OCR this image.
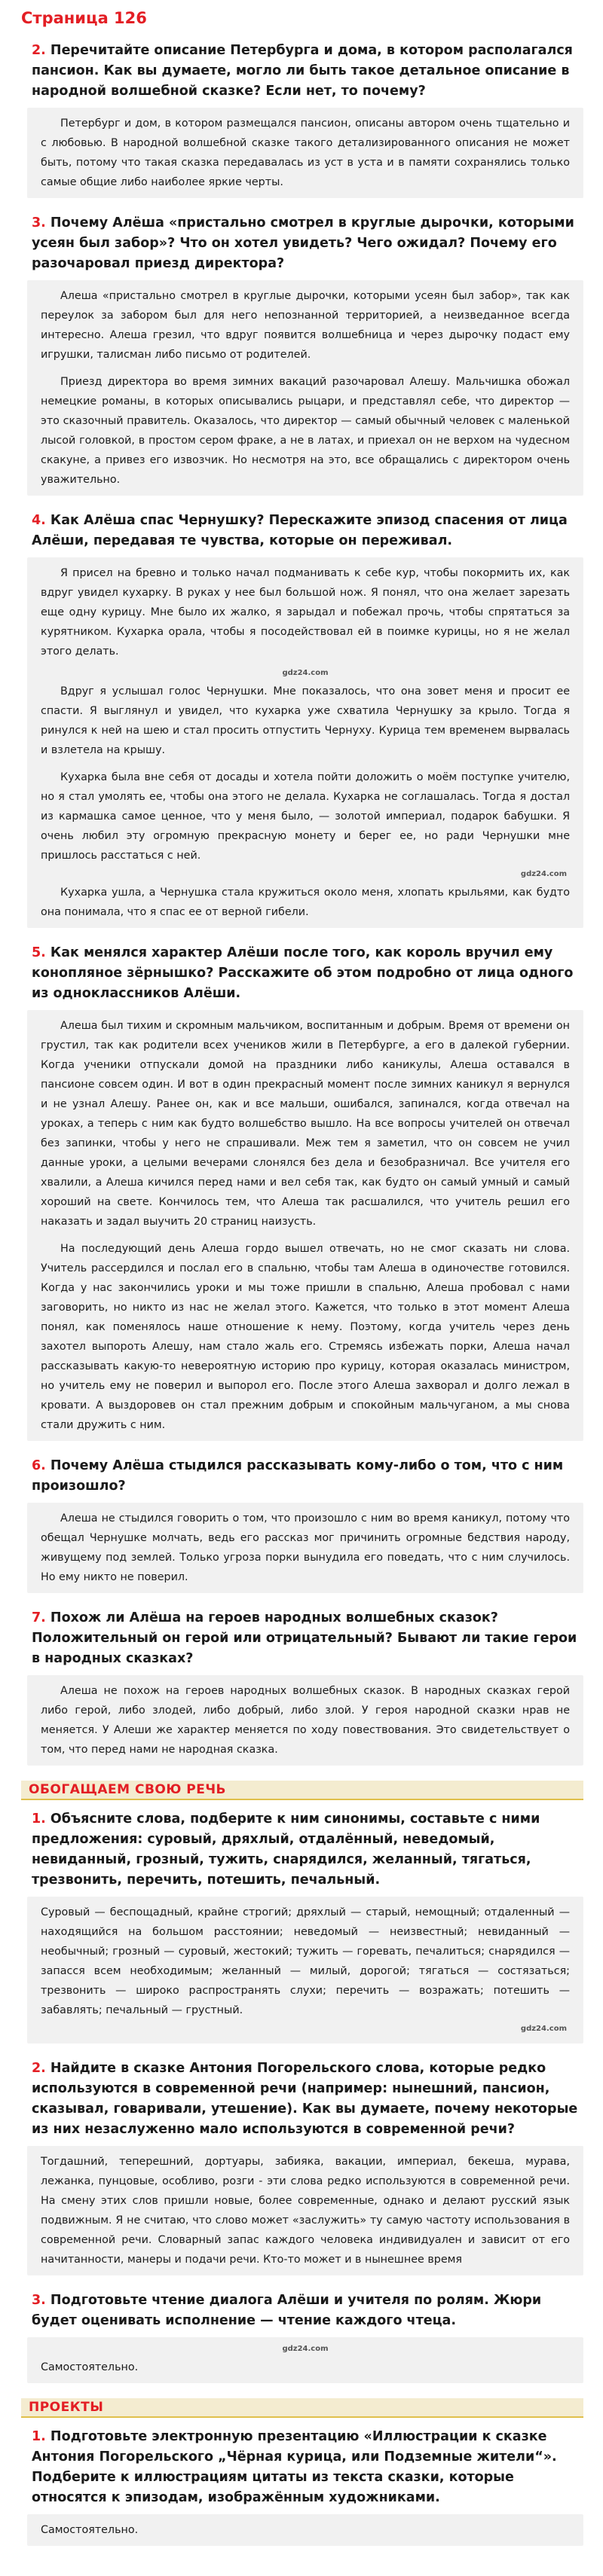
Страница 126
2. Перечитайте описание Петербурга и дома, в котором располагался пансион. Как вы думаете, могло ли быть такое детальное описание в народной волшебной сказке? Если нет, то почему?

Петербург и дом, в котором размещался пансион, описаны автором очень тщательно и с любовью. В народной волшебной сказке такого детализированного описания не может быть, потому что такая сказка передавалась из уст в уста и в памяти сохранялись только самые общие либо наиболее яркие черты.

3. Почему Алёша «пристально смотрел в круглые дырочки, которыми усеян был забор»? Что он хотел увидеть? Чего ожидал? Почему его разочаровал приезд директора?

Алеша «пристально смотрел в круглые дырочки, которыми усеян был забор», так как переулок за забором был для него непознанной территорией, а неизведанное всегда интересно. Алеша грезил, что вдруг появится волшебница и через дырочку подаст ему игрушки, талисман либо письмо от родителей.

Приезд директора во время зимних вакаций разочаровал Алешу. Мальчишка обожал немецкие романы, в которых описывались рыцари, и представлял себе, что директор — это сказочный правитель. Оказалось, что директор — самый обычный человек с маленькой лысой головкой, в простом сером фраке, а не в латах, и приехал он не верхом на чудесном скакуне, а привез его извозчик. Но несмотря на это, все обращались с директором очень уважительно.

4. Как Алёша спас Чернушку? Перескажите эпизод спасения от лица Алёши, передавая те чувства, которые он переживал.

Я присел на бревно и только начал подманивать к себе кур, чтобы покормить их, как вдруг увидел кухарку. В руках у нее был большой нож. Я понял, что она желает зарезать еще одну курицу. Мне было их жалко, я зарыдал и побежал прочь, чтобы спрятаться за курятником. Кухарка орала, чтобы я посодействовал ей в поимке курицы, но я не желал этого делать.

gdz24.com

Вдруг я услышал голос Чернушки. Мне показалось, что она зовет меня и просит ее спасти. Я выглянул и увидел, что кухарка уже схватила Чернушку за крыло. Тогда я ринулся к ней на шею и стал просить отпустить Чернуху. Курица тем временем вырвалась и взлетела на крышу.

Кухарка была вне себя от досады и хотела пойти доложить о моём поступке учителю, но я стал умолять ее, чтобы она этого не делала. Кухарка не соглашалась. Тогда я достал из кармашка самое ценное, что у меня было, — золотой империал, подарок бабушки. Я очень любил эту огромную прекрасную монету и берег ее, но ради Чернушки мне пришлось расстаться с ней.

gdz24.com

Кухарка ушла, а Чернушка стала кружиться около меня, хлопать крыльями, как будто она понимала, что я спас ее от верной гибели.

5. Как менялся характер Алёши после того, как король вручил ему конопляное зёрнышко? Расскажите об этом подробно от лица одного из одноклассников Алёши.

Алеша был тихим и скромным мальчиком, воспитанным и добрым. Время от времени он грустил, так как родители всех учеников жили в Петербурге, а его в далекой губернии. Когда ученики отпускали домой на праздники либо каникулы, Алеша оставался в пансионе совсем один. И вот в один прекрасный момент после зимних каникул я вернулся и не узнал Алешу. Ранее он, как и все мальши, ошибался, запинался, когда отвечал на уроках, а теперь с ним как будто волшебство вышло. На все вопросы учителей он отвечал без запинки, чтобы у него не спрашивали. Меж тем я заметил, что он совсем не учил данные уроки, а целыми вечерами слонялся без дела и безобразничал. Все учителя его хвалили, а Алеша кичился перед нами и вел себя так, как будто он самый умный и самый хороший на свете. Кончилось тем, что Алеша так расшалился, что учитель решил его наказать и задал выучить 20 страниц наизусть.

На последующий день Алеша гордо вышел отвечать, но не смог сказать ни слова. Учитель рассердился и послал его в спальню, чтобы там Алеша в одиночестве готовился. Когда у нас закончились уроки и мы тоже пришли в спальню, Алеша пробовал с нами заговорить, но никто из нас не желал этого. Кажется, что только в этот момент Алеша понял, как поменялось наше отношение к нему. Поэтому, когда учитель через день захотел выпороть Алешу, нам стало жаль его. Стремясь избежать порки, Алеша начал рассказывать какую-то невероятную историю про курицу, которая оказалась министром, но учитель ему не поверил и выпорол его. После этого Алеша захворал и долго лежал в кровати. А выздоровев он стал прежним добрым и спокойным мальчуганом, а мы снова стали дружить с ним.

6. Почему Алёша стыдился рассказывать кому-либо о том, что с ним произошло?

Алеша не стыдился говорить о том, что произошло с ним во время каникул, потому что обещал Чернушке молчать, ведь его рассказ мог причинить огромные бедствия народу, живущему под землей. Только угроза порки вынудила его поведать, что с ним случилось. Но ему никто не поверил.

7. Похож ли Алёша на героев народных волшебных сказок? Положительный он герой или отрицательный? Бывают ли такие герои в народных сказках?

Алеша не похож на героев народных волшебных сказок. В народных сказках герой либо герой, либо злодей, либо добрый, либо злой. У героя народной сказки нрав не меняется. У Алеши же характер меняется по ходу повествования. Это свидетельствует о том, что перед нами не народная сказка.

ОБОГАЩАЕМ СВОЮ РЕЧЬ
1. Объясните слова, подберите к ним синонимы, составьте с ними предложения: суровый, дряхлый, отдалённый, неведомый, невиданный, грозный, тужить, снарядился, желанный, тягаться, трезвонить, перечить, потешить, печальный.

Суровый — беспощадный, крайне строгий; дряхлый — старый, немощный; отдаленный — находящийся на большом расстоянии; неведомый — неизвестный; невиданный — необычный; грозный — суровый, жестокий; тужить — горевать, печалиться; снарядился — запасся всем необходимым; желанный — милый, дорогой; тягаться — состязаться; трезвонить — широко распространять слухи; перечить — возражать; потешить — забавлять; печальный — грустный.

gdz24.com
2. Найдите в сказке Антония Погорельского слова, которые редко используются в современной речи (например: нынешний, пансион, сказывал, говаривали, утешение). Как вы думаете, почему некоторые из них незаслуженно мало используются в современной речи?

Тогдашний, теперешний, дортуары, забияка, вакации, империал, бекеша, мурава, лежанка, пунцовые, особливо, розги - эти слова редко используются в современной речи. На смену этих слов пришли новые, более современные, однако и делают русский язык подвижным. Я не считаю, что слово может «заслужить» ту самую частоту использования в современной речи. Словарный запас каждого человека индивидуален и зависит от его начитанности, манеры и подачи речи. Кто-то может и в нынешнее время

3. Подготовьте чтение диалога Алёши и учителя по ролям. Жюри будет оценивать исполнение — чтение каждого чтеца.
gdz24.com

Самостоятельно.

ПРОЕКТЫ
1. Подготовьте электронную презентацию «Иллюстрации к сказке Антония Погорельского „Чёрная курица, или Подземные жители“». Подберите к иллюстрациям цитаты из текста сказки, которые относятся к эпизодам, изображённым художниками.

Самостоятельно.
